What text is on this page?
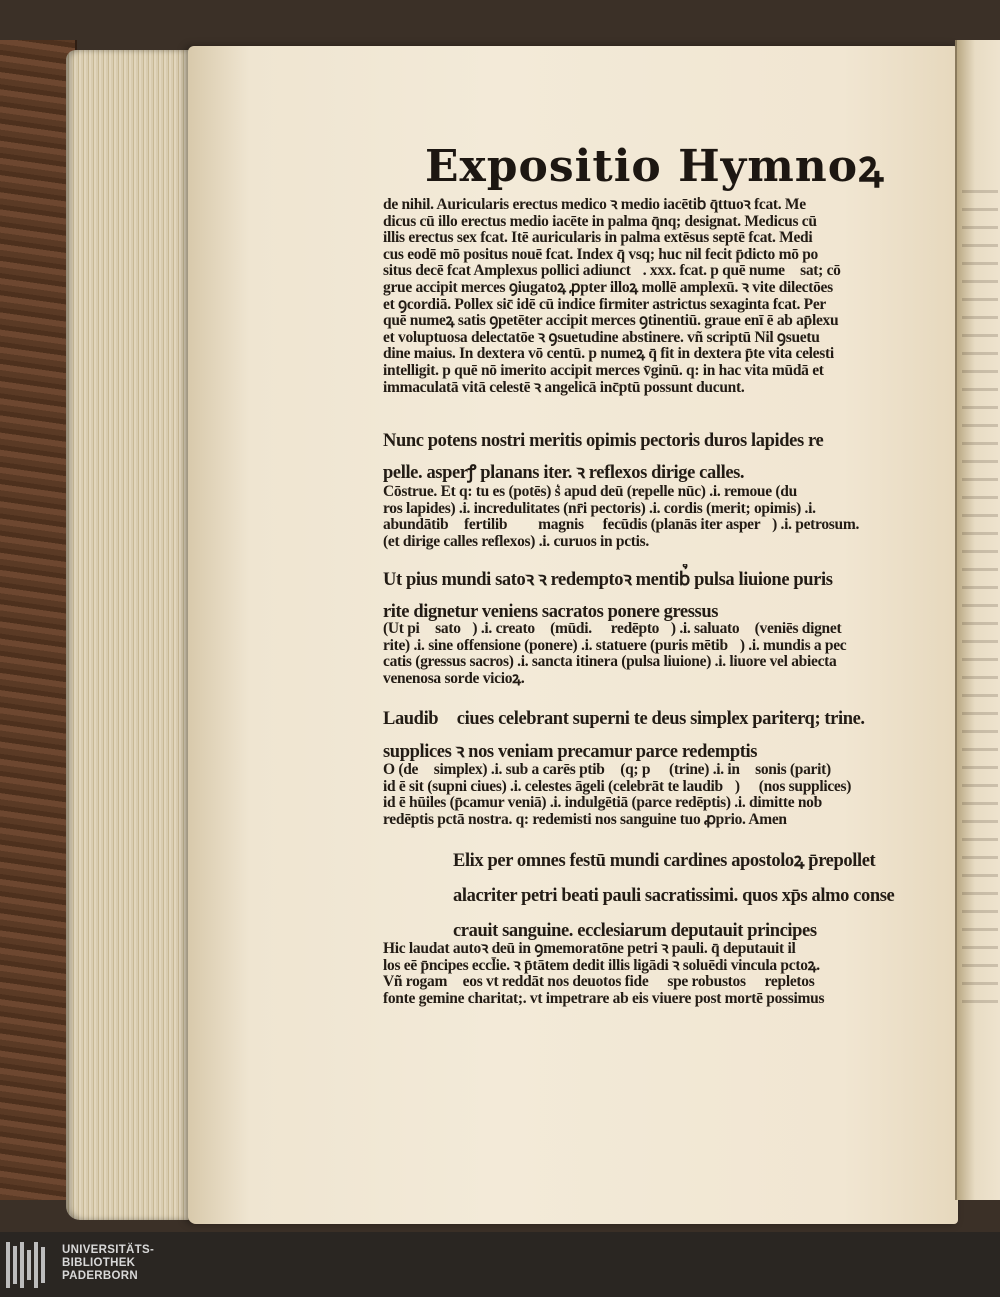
Expositio Hymnoꝝ
de nihil. Auricularis erectus medico ꝛ medio iacētib᷒ q̄ttuoꝛ fcat. Me
dicus cū illo erectus medio iacēte in palma q̄nq; designat. Medicus cū
illis erectus sex fcat. Itē auricularis in palma extēsus septē fcat. Medi
cus eodē mō positus nouē fcat. Index q̄ vsq; huc nil fecit p̄dicto mō po
situs decē fcat Amplexus pollici adiunct᷒. xxx. fcat. p quē numeꝝ sat; cō
grue accipit merces ꝯiugatoꝝ ꝓpter illoꝝ mollē amplexū. ꝛ vite dilectōes
et ꝯcordiā. Pollex sic̄ idē cū indice firmiter astrictus sexaginta fcat. Per
quē numeꝝ satis ꝯpetēter accipit merces ꝯtinentiū. graue enī ē ab ap̄lexu
et voluptuosa delectatōe ꝛ ꝯsuetudine abstinere. vñ scriptū Nil ꝯsuetu
dine maius. In dextera vō centū. p numeꝝ q̄ fit in dextera p̄te vita celesti
intelligit. p quē nō imerito accipit merces v̄ginū. q: in hac vita mūdā et
immaculatā vitā celestē ꝛ angelicā inc̄ptū possunt ducunt.
Nunc potens nostri meritis opimis pectoris duros lapides re
pelle. asperꝭ planans iter. ꝛ reflexos dirige calles.
Cōstrue. Et q: tu es (potēs) s͛ apud deū (repelle nūc) .i. remoue (du
ros lapides) .i. incredulitates (nr̄i pectoris) .i. cordis (merit; opimis) .i.
abundātib᷒ fertilib᷒ ꝛ magnis ꝛ fecūdis (planās iter asperꝝ) .i. petrosum.
(et dirige calles reflexos) .i. curuos in pctis.
Ut pius mundi satoꝛ ꝛ redemptoꝛ mentib᷒ pulsa liuione puris
rite dignetur veniens sacratos ponere gressus
(Ut pi᷒ satoꝛ) .i. creatoꝛ (mūdi. ꝛ redēptoꝛ) .i. saluatoꝛ (veniēs dignet
rite) .i. sine offensione (ponere) .i. statuere (puris mētib᷒) .i. mundis a pec
catis (gressus sacros) .i. sancta itinera (pulsa liuione) .i. liuore vel abiecta
venenosa sorde vicioꝝ.
Laudib᷒ ciues celebrant superni te deus simplex pariterq; trine.
supplices ꝛ nos veniam precamur parce redemptis
O (de᷒ simplex) .i. sub a carēs ptib᷒ (q; p ꝛ (trine) .i. in ꝑsonis (parit)
id ē sit (supni ciues) .i. celestes āgeli (celebrāt te laudib᷒) ꝛ (nos supplices)
id ē hūiles (p̄camur veniā) .i. indulgētiā (parce redēptis) .i. dimitte nob
redēptis pctā nostra. q: redemisti nos sanguine tuo ꝓprio. Amen
Elix per omnes festū mundi cardines apostoloꝝ p̄repollet
alacriter petri beati pauli sacratissimi. quos xp̄s almo conse
crauit sanguine. ecclesiarum deputauit principes
Hic laudat autoꝛ deū in ꝯmemoratōne petri ꝛ pauli. q̄ deputauit il
los eē p̄ncipes eccl̄ie. ꝛ p̄tātem dedit illis ligādi ꝛ soluēdi vincula pctoꝝ.
Vñ rogam᷒ eos vt reddāt nos deuotos fide ꝛ spe robustos ꝛ repletos
fonte gemine charitat;. vt impetrare ab eis viuere post mortē possimus
UNIVERSITÄTS-
BIBLIOTHEK
PADERBORN
